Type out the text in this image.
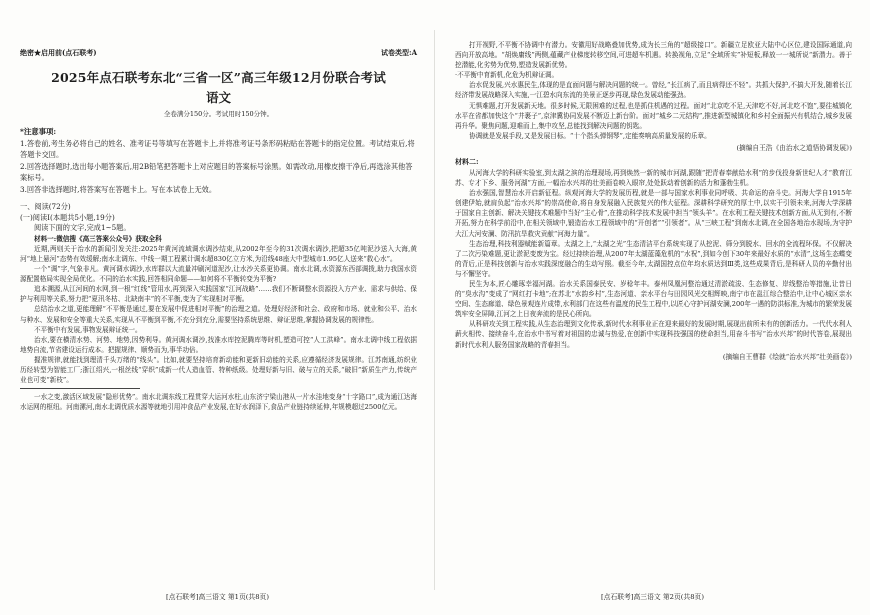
绝密★启用前(点石联考)	试卷类型:A
2025年点石联考东北“三省一区”高三年级12月份联合考试
语文
全卷满分150分。考试用时150分钟。
*注意事项:

1.答卷前,考生务必将自己的姓名、准考证号等填写在答题卡上,并将准考证号条形码粘贴在答题卡的指定位置。考试结束后,将答题卡交回。

2.回答选择题时,选出每小题答案后,用2B铅笔把答题卡上对应题目的答案标号涂黑。如需改动,用橡皮擦干净后,再选涂其他答案标号。

3.回答非选择题时,将答案写在答题卡上。写在本试卷上无效。

一、阅读(72分)

(一)阅读Ⅰ(本题共5小题,19分)

阅读下面的文字,完成1~5题。

材料一:微信搜《高三答案公众号》获取全科

近期,两则关于治水的新闻引发关注:2025年黄河流域调水调沙结束,从2002年至今的31次调水调沙,把超35亿吨泥沙送入大海,黄河“地上悬河”态势有效缓解;南水北调东、中线一期工程累计调水超830亿立方米,为沿线48座大中型城市1.95亿人送来“救心水”。

一个“调”字,气象非凡。黄河调水调沙,水库群以大流量冲刷河道泥沙,让水沙关系更协调。南水北调,水资源东西部调拨,助力我国水资源配置格局实现全局优化。不同的治水实践,回答相同命题——如何将不平衡转变为平衡?

追本溯源,从江河间的水网,到一根“红线”管用水,再到深入实践国家“江河战略”……我们不断调整水资源投入方产业、需求与供给、保护与利用等关系,努力把“夏汛冬枯、北缺南丰”的不平衡,变为了实现相对平衡。

总结治水之道,更能理解“不平衡是通过,要在发展中促进相对平衡”的治理之道。处理好经济和社会、政府和市场、就业和公平、治水与种水、发展和安全等重大关系,实现从不平衡到平衡,不充分到充分,需要坚持系统思维、辩证思维,掌握协调发展的规律性。

不平衡中有发展,事物发展辩证统一。

治水,要在横清水势、河势、地势,因势利导。黄河调水调沙,找准水库控泥腾库等时机,塑造可控“人工洪峰”。南水北调中线工程依据地势自流,节省建设运行成本。把握规律、顺势而为,事半功倍。

握准规律,就能找到理清千头万绪的“线头”。比如,就要坚持培育新动能和更新旧动能的关系,应遵循经济发展规律。江苏南通,纺织业历经转型为智能工厂;浙江绍兴,一根丝线“穿织”成新一代人造血管、特种纸级。处理好新与旧、破与立的关系,“破旧”新质生产力,传统产业也可变“新枝”。

一水之变,激活区域发展“隐形优势”。南水北调东线工程贯穿大运河水柱,山东济宁梁山港从一片水洼地变身“十字路口”,成为通江达海水运网的枢纽。河南漯河,南水北调优质水源等就地引用冲食品产业发展,在好水润泽下,食品产业链持续延伸,年规模超过2500亿元。

[点石联考]高三语文 第1页(共8页)

打开视野,不平衡不协调中有潜力。安徽用好战略叠加优势,成为长三角的“超级接口”。新疆立足欧亚大陆中心区位,建设国际通道,向西向开放高地。“胡焕庸线”两侧,蕴藏产业梯度转移空间,可进超车机遇。转换视角,立足“全域所实”补短板,释放一一城所说“新潜力。善于挖潜能,化劣势为优势,塑造发展新优势。

·不平衡中育新机,化危为机辩证调。

治水促发展,兴水惠民生,体现的是直面问题与解决问题的统一。曾经,“长江病了,而且病得还不轻”。共抓大保护,不搞大开发,随着长江经济带发展战略深入实施,一江碧水向东流的美景正逐步再现,绿色发展动能强劲。

无惧难题,打开发展新天地。很多时候,无限困难的过程,也是抓住机遇的过程。面对“北京吃不足,天津吃不好,河北吃不饱”,要往城镇化水平在省都加快这个“井裹子”,京津冀协同发展不断迈上新台阶。面对“城乡二元结构”,推进新型城镇化和乡村全面振兴有机结合,城乡发展再升华。聚焦问题,迎难而上,集中攻坚,总能找到解决问题的钥匙。

协调就是发展手段,又是发展目标。“十个指头弹钢琴”,定能奏响高质量发展的乐章。

(摘编自王浩《由治水之道悟协调发展》)

材料二:

从河海大学的科研实验室,到太湖之滨的治理现场,再到焕然一新的城市河湖,跟随“把青春奉献给水利”的步伐投身新世纪人才“教育江苏、专才下乡、服务河湖”方面,一幅治水兴邦的壮美画卷映入眼帘,处处跃动着创新的活力和蓬勃生机。

治水强国,智慧治水开启新征程。纵观河海大学的发展历程,就是一部与国家水利事业同呼吸、共命运的奋斗史。河海大学自1915年创建伊始,就肩负起“治水兴邦”的崇高使命,将自身发展融入民族复兴的伟大征程。深耕科学研究的厚土中,以实干引领未来,河海大学深耕于国家自主创新、解决关键技术难题中当好“主心骨”,在推动科学技术发展中担当“领头羊”。在水利工程关键技术创新方面,从无到有,不断开拓,努力在科学前沿中,在相关领域中,锻造治水工程领域中的“开创者”“引领者”。从“三峡工程”到南水北调,在全国各地治水现场,为守护大江大河安澜、防汛抗旱救灾贡献“河海力量”。

生态治理,科技利器赋能新篇章。太湖之上,“太湖之光”生态清洁平台系统实现了从挖泥、筛分到脱水、回水的全流程环保。不仅解决了二次污染难题,更让淤泥变废为宝。经过持续治理,从2007年太湖蓝藻危机的“水祝”,到如今创下30年来最好水质的“水清”,这场生态蝶变的背后,正是科技创新与治水实践深度融合的生动写照。截至今年,太湖国控点位年均水质达到Ⅲ类,这些成果背后,是科研人员的辛勤付出与不懈坚守。

民生为本,匠心雕琢幸福河湖。治水关系国泰民安、岁稔年丰。泰州凤凰河整治通过清淤疏浚、生态修复、岸线整治等措施,让昔日的“臭水沟”变成了“网红打卡地”;在苏北“水韵乡村”,生态河道、亲水平台与田园风光交相辉映,南宁市在邕江综合整治中,让中心城区亲水空间、生态廊道、绿色景观连片成带,水利部门在这些有温度的民生工程中,以匠心守护河湖安澜,200年一遇的防洪标准,为城市的繁荣发展筑牢安全屏障,江河之上日夜奔流的是民心所向。

从科研攻关到工程实践,从生态治理到文化传承,新时代水利事业正在迎来最好的发展时期,展现出前所未有的创新活力。一代代水利人薪火相传、接续奋斗,在治水中书写着对祖国的忠诚与热爱,在创新中实现科技强国的使命担当,用奋斗书写“治水兴邦”的时代答卷,展现出新时代水利人服务国家战略的青春担当。

(摘编自王曹群《绘就“治水兴邦”壮美画卷》)

[点石联考]高三语文 第2页(共8页)
